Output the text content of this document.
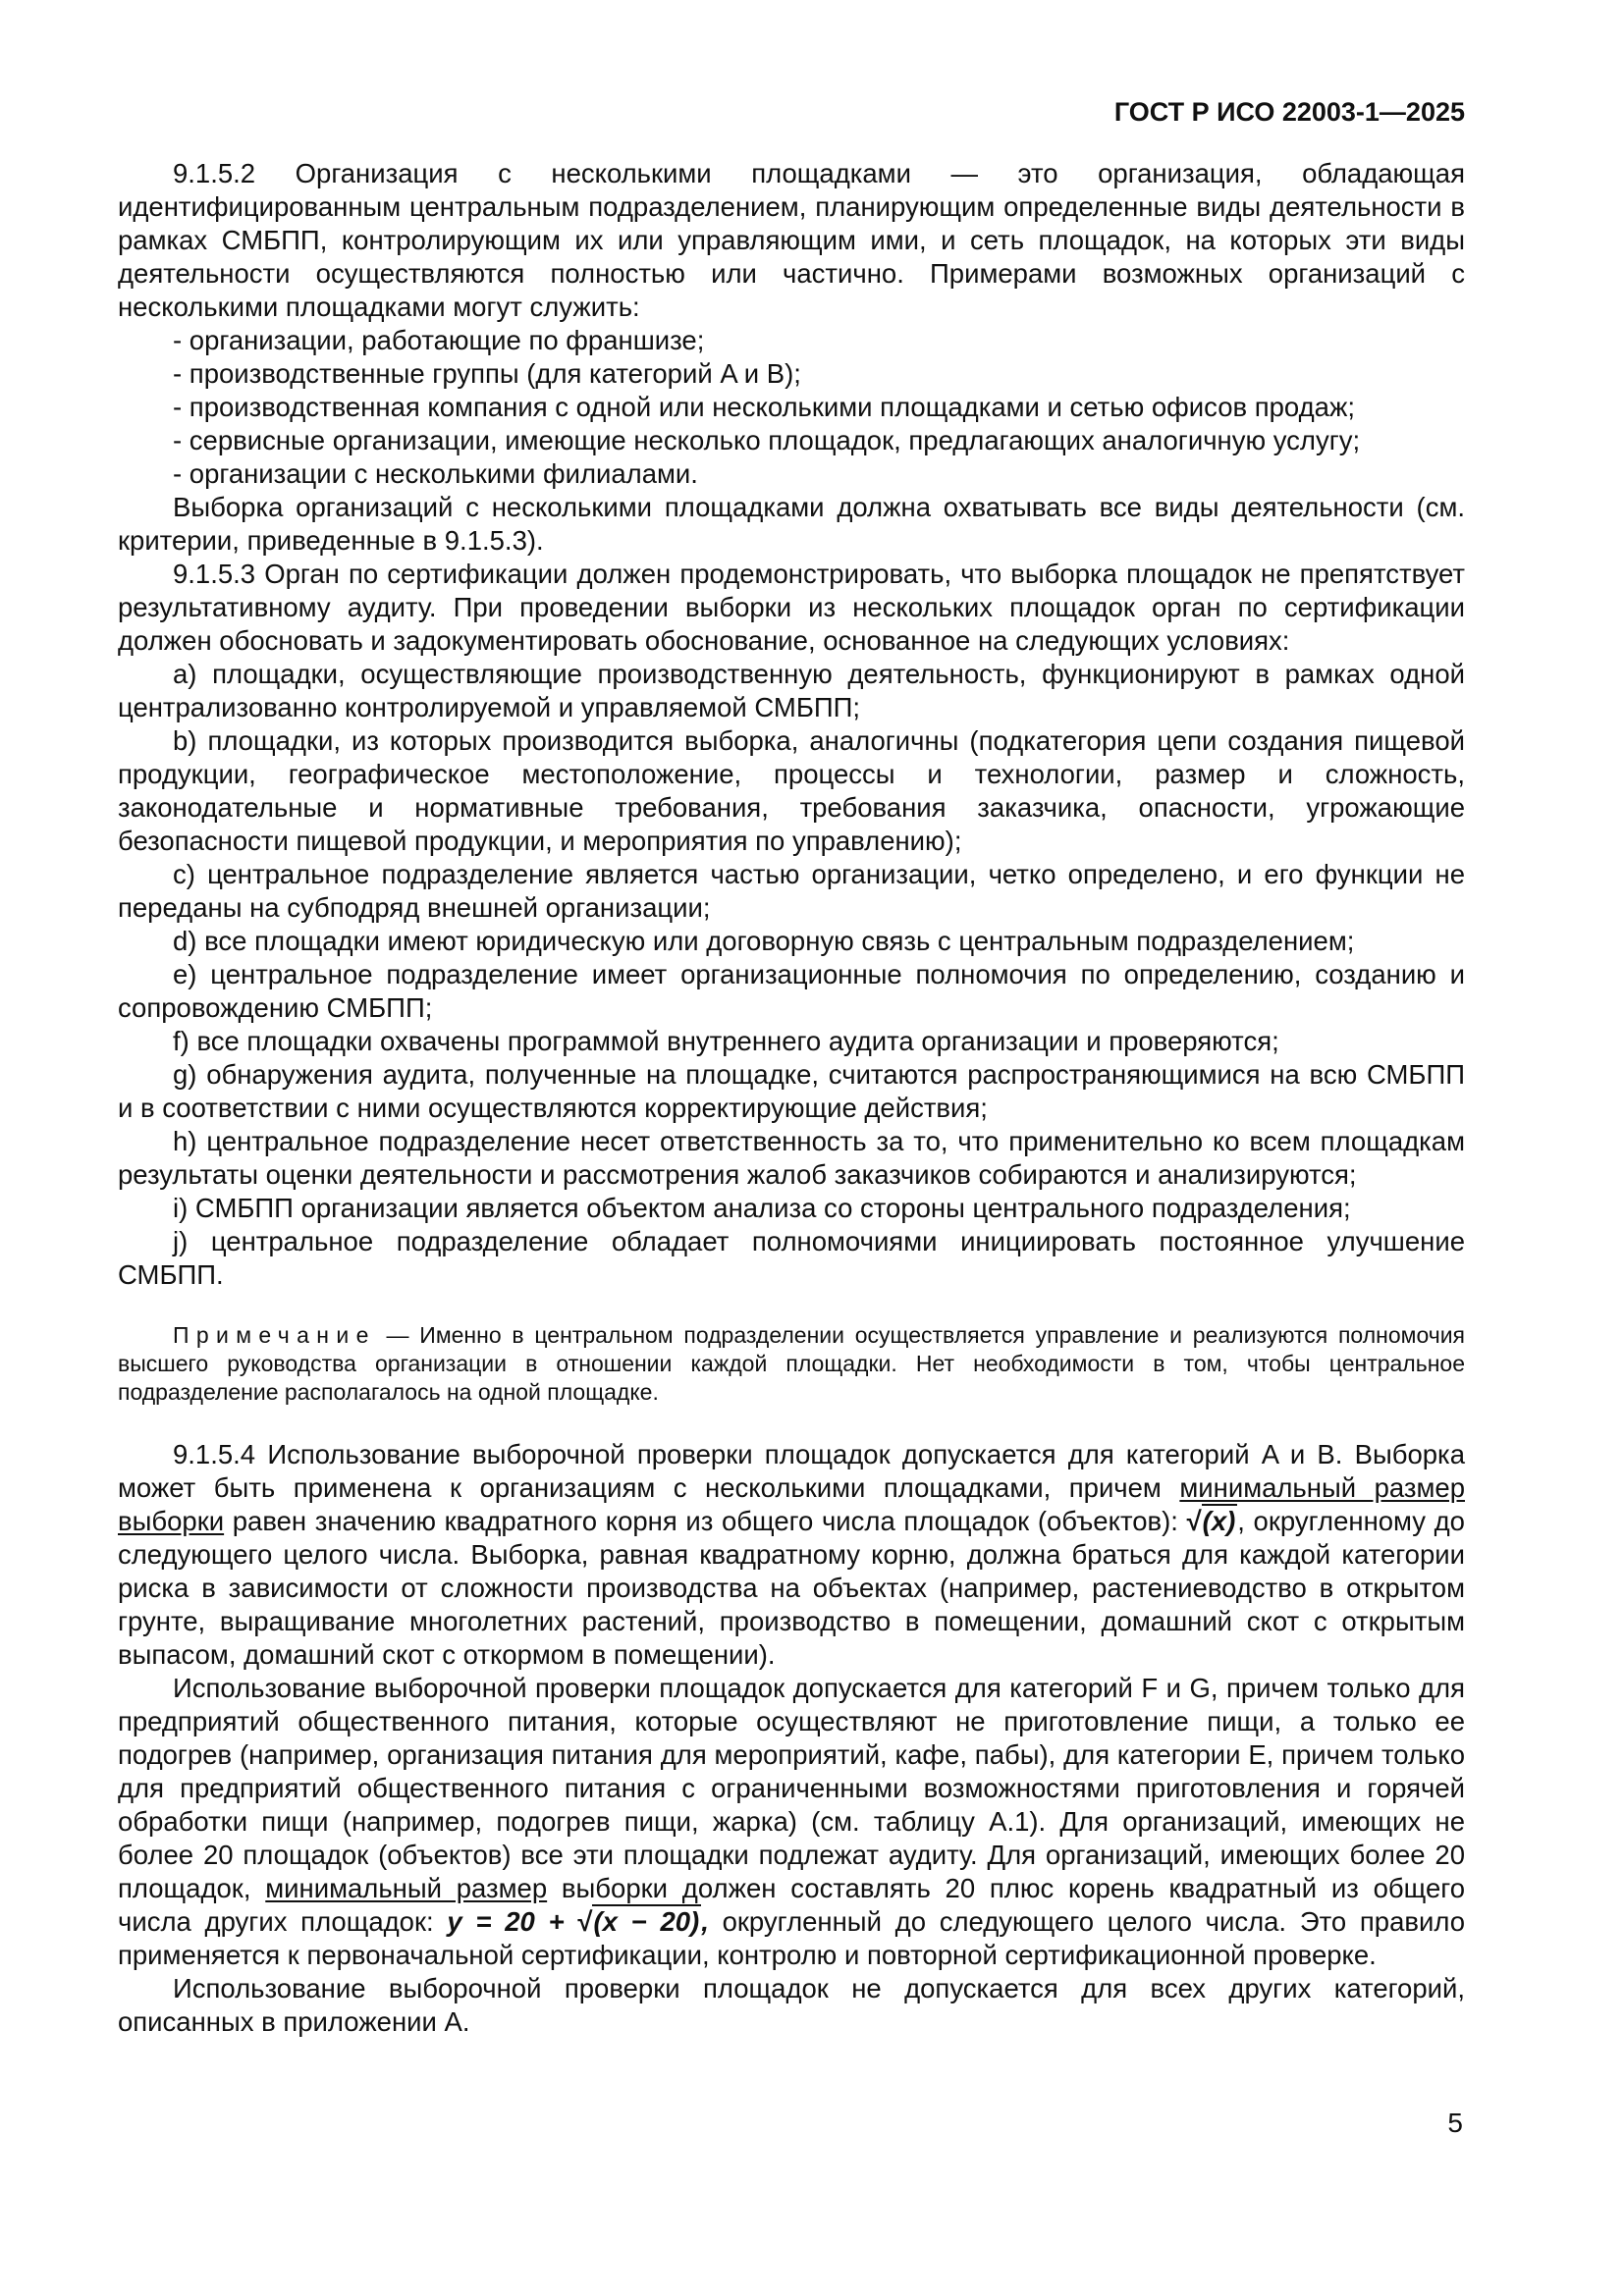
ГОСТ Р ИСО 22003-1—2025

9.1.5.2 Организация с несколькими площадками — это организация, обладающая идентифицированным центральным подразделением, планирующим определенные виды деятельности в рамках СМБПП, контролирующим их или управляющим ими, и сеть площадок, на которых эти виды деятельности осуществляются полностью или частично. Примерами возможных организаций с несколькими площадками могут служить:

- организации, работающие по франшизе;

- производственные группы (для категорий A и B);

- производственная компания с одной или несколькими площадками и сетью офисов продаж;

- сервисные организации, имеющие несколько площадок, предлагающих аналогичную услугу;

- организации с несколькими филиалами.

Выборка организаций с несколькими площадками должна охватывать все виды деятельности (см. критерии, приведенные в 9.1.5.3).

9.1.5.3 Орган по сертификации должен продемонстрировать, что выборка площадок не препятствует результативному аудиту. При проведении выборки из нескольких площадок орган по сертификации должен обосновать и задокументировать обоснование, основанное на следующих условиях:

a) площадки, осуществляющие производственную деятельность, функционируют в рамках одной централизованно контролируемой и управляемой СМБПП;

b) площадки, из которых производится выборка, аналогичны (подкатегория цепи создания пищевой продукции, географическое местоположение, процессы и технологии, размер и сложность, законодательные и нормативные требования, требования заказчика, опасности, угрожающие безопасности пищевой продукции, и мероприятия по управлению);

c) центральное подразделение является частью организации, четко определено, и его функции не переданы на субподряд внешней организации;

d) все площадки имеют юридическую или договорную связь с центральным подразделением;

e) центральное подразделение имеет организационные полномочия по определению, созданию и сопровождению СМБПП;

f) все площадки охвачены программой внутреннего аудита организации и проверяются;

g) обнаружения аудита, полученные на площадке, считаются распространяющимися на всю СМБПП и в соответствии с ними осуществляются корректирующие действия;

h) центральное подразделение несет ответственность за то, что применительно ко всем площадкам результаты оценки деятельности и рассмотрения жалоб заказчиков собираются и анализируются;

i) СМБПП организации является объектом анализа со стороны центрального подразделения;

j) центральное подразделение обладает полномочиями инициировать постоянное улучшение СМБПП.

Примечание — Именно в центральном подразделении осуществляется управление и реализуются полномочия высшего руководства организации в отношении каждой площадки. Нет необходимости в том, чтобы центральное подразделение располагалось на одной площадке.

9.1.5.4 Использование выборочной проверки площадок допускается для категорий A и B. Выборка может быть применена к организациям с несколькими площадками, причем минимальный размер выборки равен значению квадратного корня из общего числа площадок (объектов): √(x), округленному до следующего целого числа. Выборка, равная квадратному корню, должна браться для каждой категории риска в зависимости от сложности производства на объектах (например, растениеводство в открытом грунте, выращивание многолетних растений, производство в помещении, домашний скот с открытым выпасом, домашний скот с откормом в помещении).

Использование выборочной проверки площадок допускается для категорий F и G, причем только для предприятий общественного питания, которые осуществляют не приготовление пищи, а только ее подогрев (например, организация питания для мероприятий, кафе, пабы), для категории E, причем только для предприятий общественного питания с ограниченными возможностями приготовления и горячей обработки пищи (например, подогрев пищи, жарка) (см. таблицу А.1). Для организаций, имеющих не более 20 площадок (объектов) все эти площадки подлежат аудиту. Для организаций, имеющих более 20 площадок, минимальный размер выборки должен составлять 20 плюс корень квадратный из общего числа других площадок: y = 20 + √(x − 20), округленный до следующего целого числа. Это правило применяется к первоначальной сертификации, контролю и повторной сертификационной проверке.

Использование выборочной проверки площадок не допускается для всех других категорий, описанных в приложении А.

5
